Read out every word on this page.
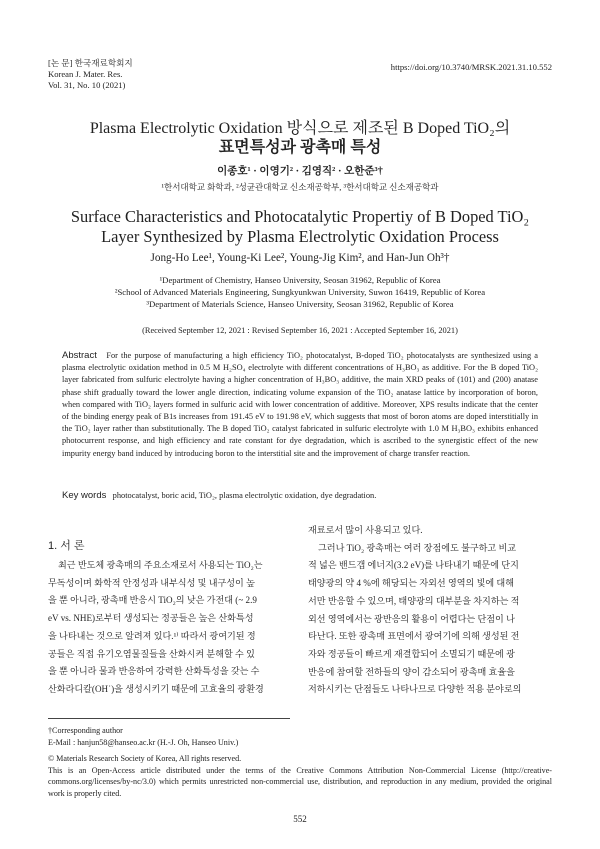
[논 문] 한국재료학회지
Korean J. Mater. Res.
Vol. 31, No. 10 (2021)
https://doi.org/10.3740/MRSK.2021.31.10.552
Plasma Electrolytic Oxidation 방식으로 제조된 B Doped TiO₂의
표면특성과 광촉매 특성
이종호¹ · 이영기² · 김영직² · 오한준³†
¹한서대학교 화학과, ²성균관대학교 신소재공학부, ³한서대학교 신소재공학과
Surface Characteristics and Photocatalytic Propertiy of B Doped TiO₂
Layer Synthesized by Plasma Electrolytic Oxidation Process
Jong-Ho Lee¹, Young-Ki Lee², Young-Jig Kim², and Han-Jun Oh³†
¹Department of Chemistry, Hanseo University, Seosan 31962, Republic of Korea
²School of Advanced Materials Engineering, Sungkyunkwan University, Suwon 16419, Republic of Korea
³Department of Materials Science, Hanseo University, Seosan 31962, Republic of Korea
(Received September 12, 2021 : Revised September 16, 2021 : Accepted September 16, 2021)
Abstract For the purpose of manufacturing a high efficiency TiO₂ photocatalyst, B-doped TiO₂ photocatalysts are synthesized using a plasma electrolytic oxidation method in 0.5 M H₂SO₄ electrolyte with different concentrations of H₃BO₃ as additive. For the B doped TiO₂ layer fabricated from sulfuric electrolyte having a higher concentration of H₃BO₃ additive, the main XRD peaks of (101) and (200) anatase phase shift gradually toward the lower angle direction, indicating volume expansion of the TiO₂ anatase lattice by incorporation of boron, when compared with TiO₂ layers formed in sulfuric acid with lower concentration of additive. Moreover, XPS results indicate that the center of the binding energy peak of B1s increases from 191.45 eV to 191.98 eV, which suggests that most of boron atoms are doped interstitially in the TiO₂ layer rather than substitutionally. The B doped TiO₂ catalyst fabricated in sulfuric electrolyte with 1.0 M H₃BO₃ exhibits enhanced photocurrent response, and high efficiency and rate constant for dye degradation, which is ascribed to the synergistic effect of the new impurity energy band induced by introducing boron to the interstitial site and the improvement of charge transfer reaction.
Key words photocatalyst, boric acid, TiO₂, plasma electrolytic oxidation, dye degradation.
1. 서 론
최근 반도체 광촉매의 주요소재로서 사용되는 TiO₂는
무독성이며 화학적 안정성과 내부식성 및 내구성이 높
을 뿐 아니라, 광촉매 반응시 TiO₂의 낮은 가전대 (~ 2.9
eV vs. NHE)로부터 생성되는 정공들은 높은 산화특성
을 나타내는 것으로 알려져 있다.¹⁾ 따라서 광여기된 정
공들은 직접 유기오염물질들을 산화시켜 분해할 수 있
을 뿐 아니라 물과 반응하여 강력한 산화특성을 갖는 수
산화라디칼(OH˙)을 생성시키기 때문에 고효율의 광환경
재료로서 많이 사용되고 있다.
그러나 TiO₂ 광촉매는 여러 장점에도 불구하고 비교
적 넓은 밴드갭 에너지(3.2 eV)를 나타내기 때문에 단지
태양광의 약 4 %에 해당되는 자외선 영역의 빛에 대해
서만 반응할 수 있으며, 태양광의 대부분을 차지하는 적
외선 영역에서는 광반응의 활용이 어렵다는 단점이 나
타난다. 또한 광촉매 표면에서 광여기에 의해 생성된 전
자와 정공들이 빠르게 재결합되어 소멸되기 때문에 광
반응에 참여할 전하들의 양이 감소되어 광촉매 효율을
저하시키는 단점들도 나타나므로 다양한 적용 분야로의
†Corresponding author
E-Mail : hanjun58@hanseo.ac.kr (H.-J. Oh, Hanseo Univ.)
© Materials Research Society of Korea, All rights reserved.
This is an Open-Access article distributed under the terms of the Creative Commons Attribution Non-Commercial License (http://creative-commons.org/licenses/by-nc/3.0) which permits unrestricted non-commercial use, distribution, and reproduction in any medium, provided the original work is properly cited.
552
